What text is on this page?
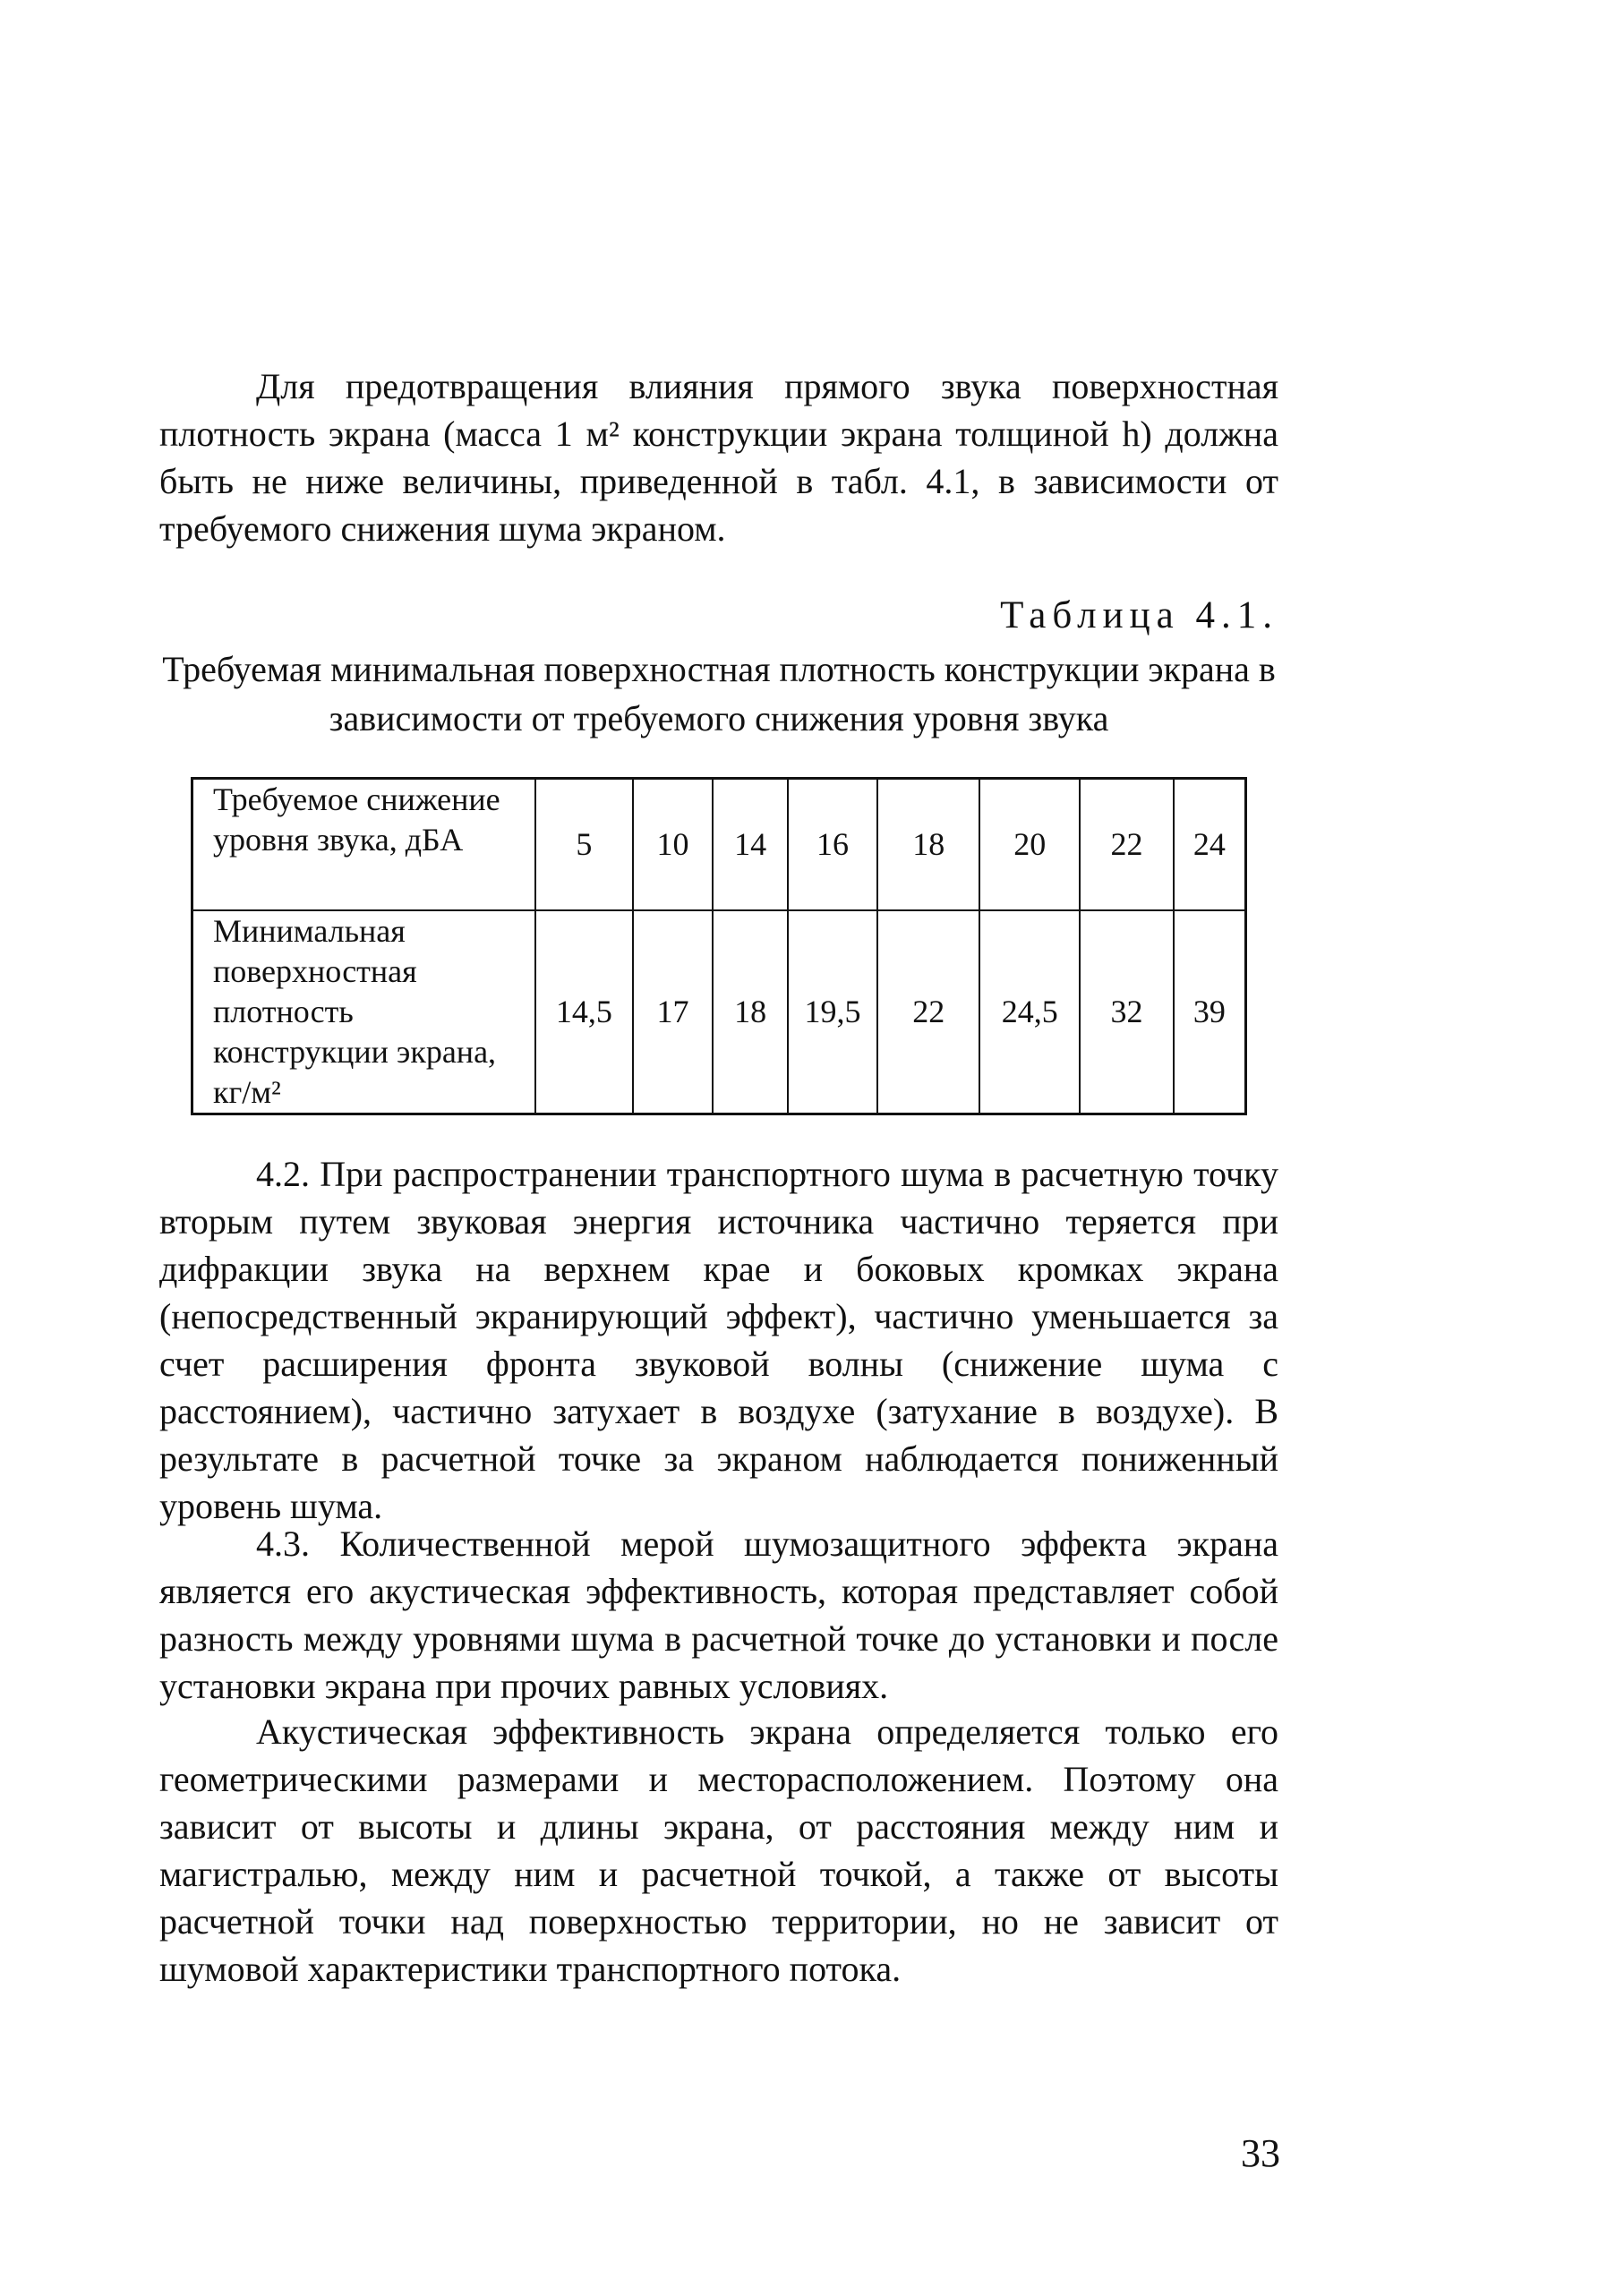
Для предотвращения влияния прямого звука поверхностная плотность экрана (масса 1 м² конструкции экрана толщиной h) должна быть не ниже величины, приведенной в табл. 4.1, в зависимости от требуемого снижения шума экраном.

Таблица 4.1.
Требуемая минимальная поверхностная плотность конструкции экрана в зависимости от требуемого снижения уровня звука
Требуемое снижение уровня звука, дБА	5	10	14	16	18	20	22	24
Минимальная поверхностная плотность конструкции экрана, кг/м²	14,5	17	18	19,5	22	24,5	32	39

4.2. При распространении транспортного шума в расчетную точку вторым путем звуковая энергия источника частично теряется при дифракции звука на верхнем крае и боковых кромках экрана (непосредственный экранирующий эффект), частично уменьшается за счет расширения фронта звуковой волны (снижение шума с расстоянием), частично затухает в воздухе (затухание в воздухе). В результате в расчетной точке за экраном наблюдается пониженный уровень шума.

4.3. Количественной мерой шумозащитного эффекта экрана является его акустическая эффективность, которая представляет собой разность между уровнями шума в расчетной точке до установки и после установки экрана при прочих равных условиях.

Акустическая эффективность экрана определяется только его геометрическими размерами и месторасположением. Поэтому она зависит от высоты и длины экрана, от расстояния между ним и магистралью, между ним и расчетной точкой, а также от высоты расчетной точки над поверхностью территории, но не зависит от шумовой характеристики транспортного потока.

33
